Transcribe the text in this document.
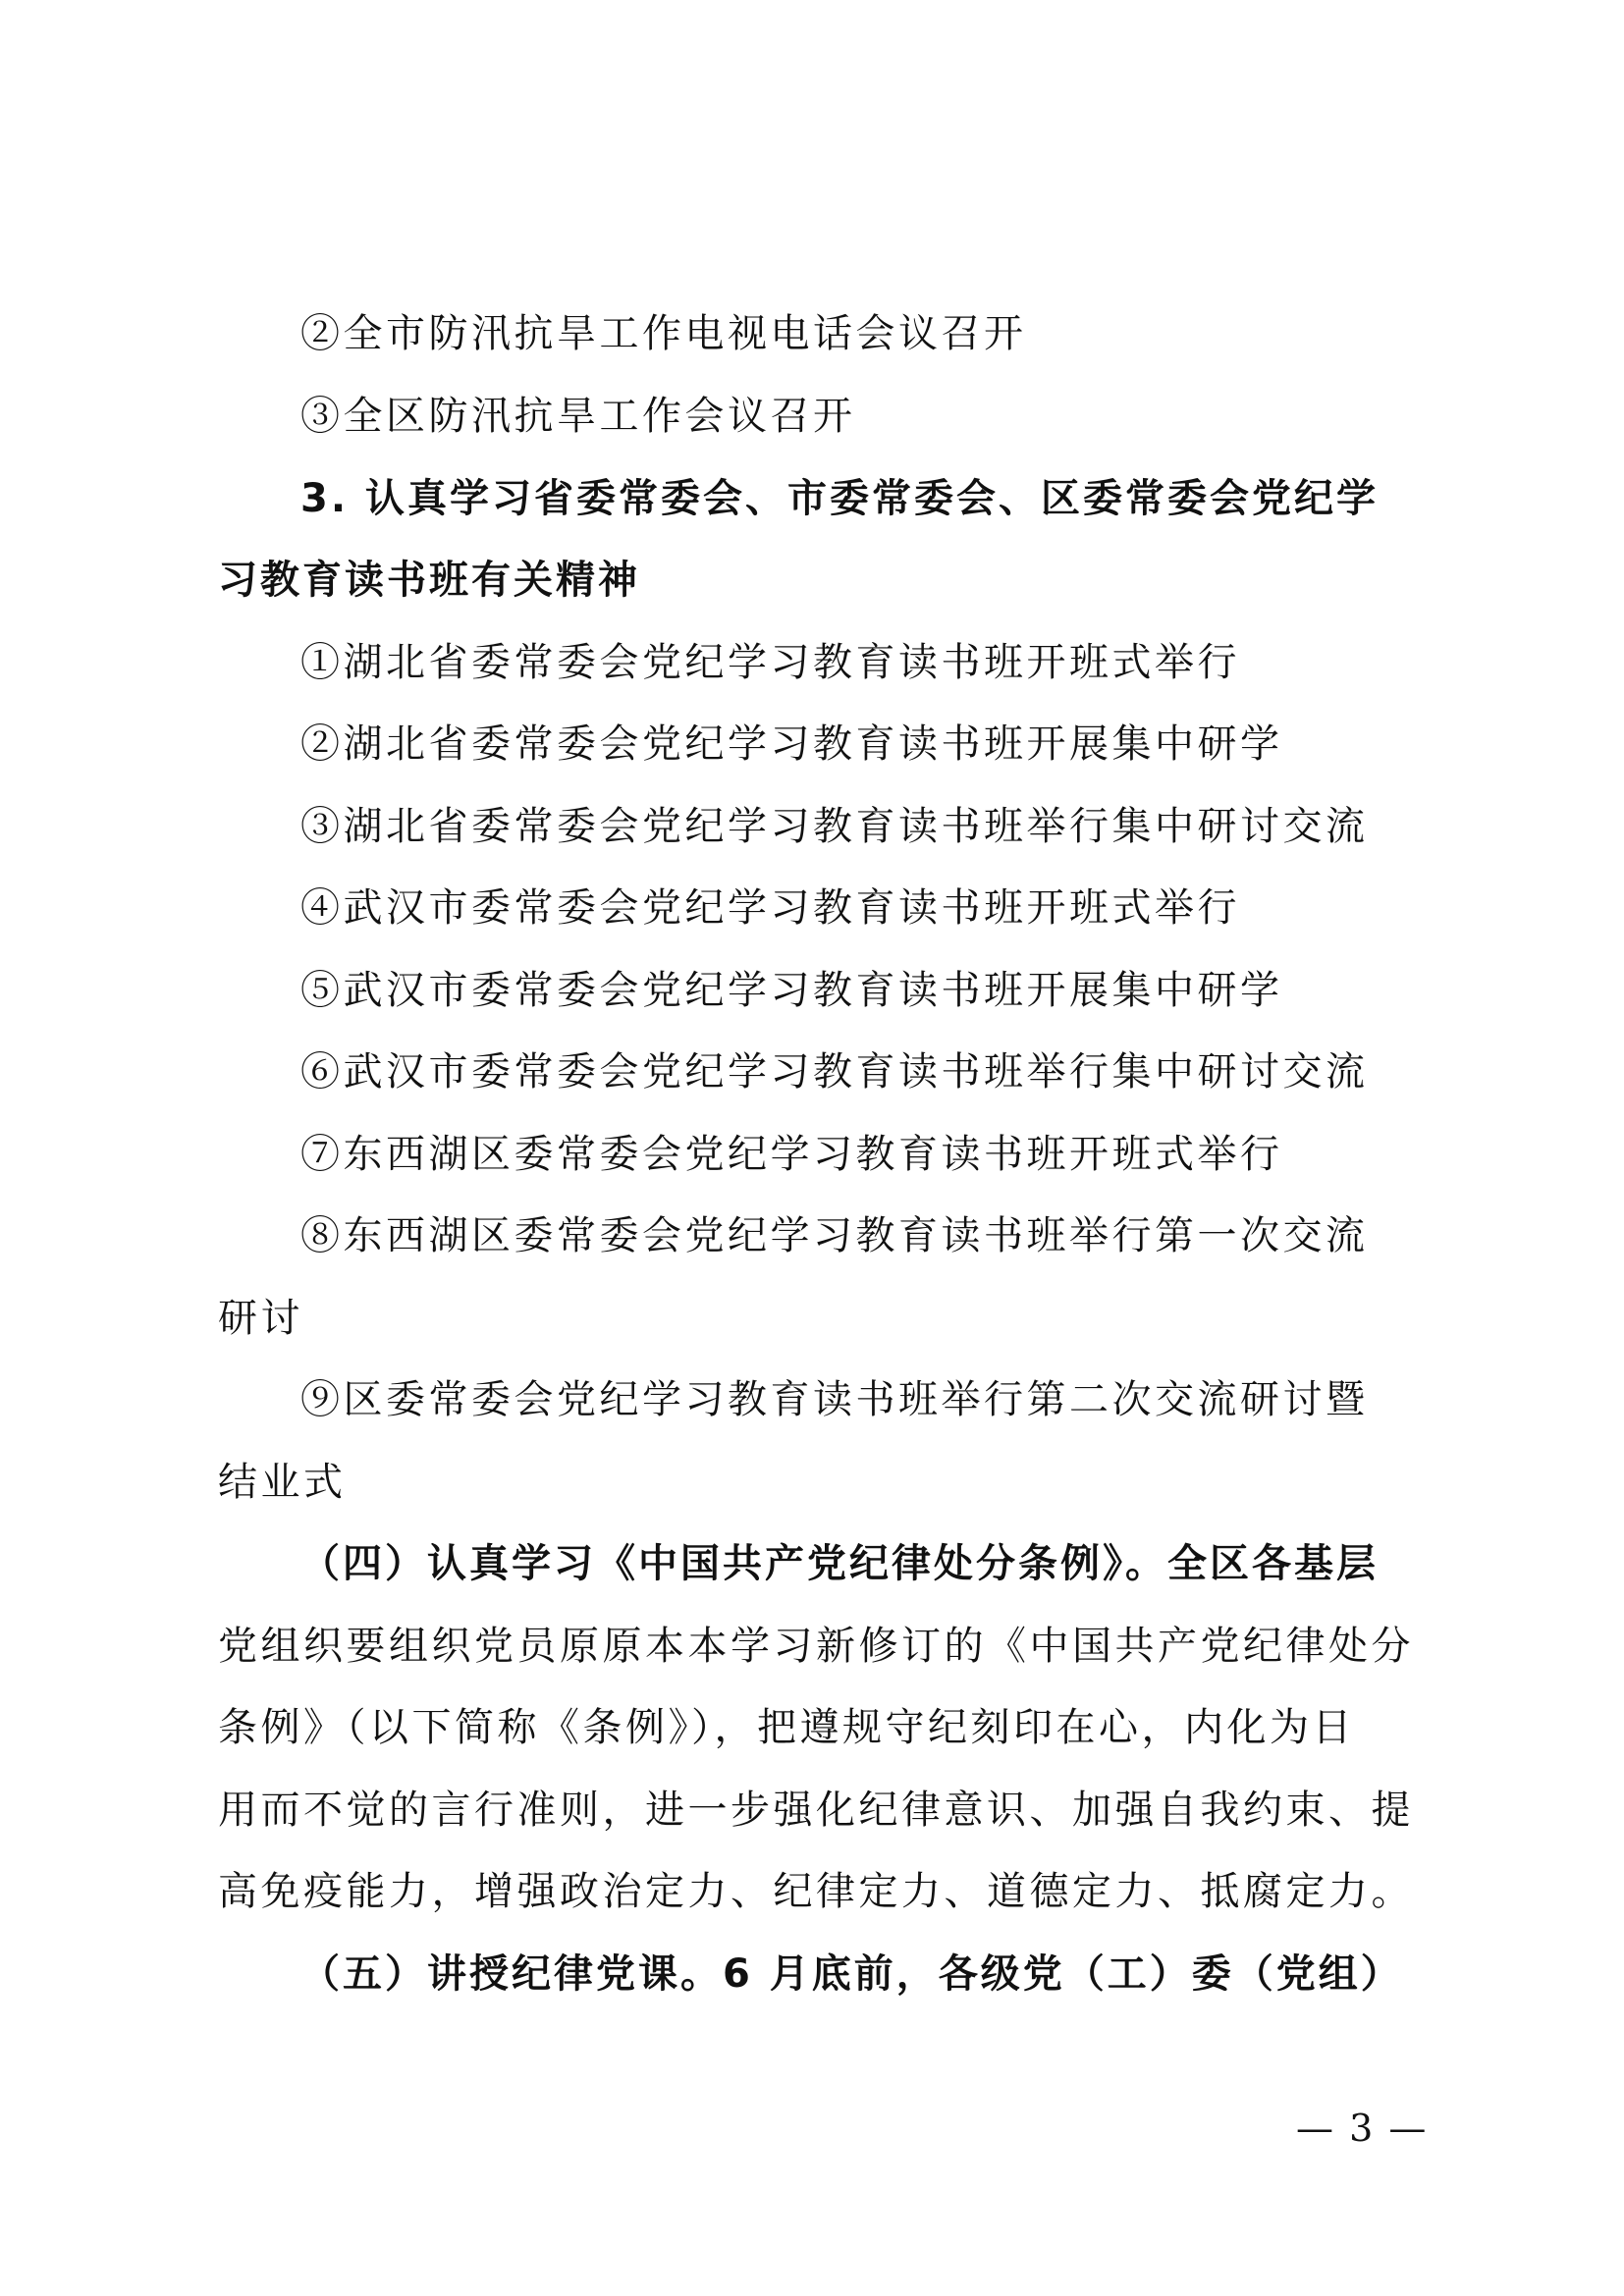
②全市防汛抗旱工作电视电话会议召开
③全区防汛抗旱工作会议召开
3. 认真学习省委常委会、市委常委会、区委常委会党纪学
习教育读书班有关精神
①湖北省委常委会党纪学习教育读书班开班式举行
②湖北省委常委会党纪学习教育读书班开展集中研学
③湖北省委常委会党纪学习教育读书班举行集中研讨交流
④武汉市委常委会党纪学习教育读书班开班式举行
⑤武汉市委常委会党纪学习教育读书班开展集中研学
⑥武汉市委常委会党纪学习教育读书班举行集中研讨交流
⑦东西湖区委常委会党纪学习教育读书班开班式举行
⑧东西湖区委常委会党纪学习教育读书班举行第一次交流
研讨
⑨区委常委会党纪学习教育读书班举行第二次交流研讨暨
结业式
（四）认真学习《中国共产党纪律处分条例》。全区各基层
党组织要组织党员原原本本学习新修订的《中国共产党纪律处分
条例》（以下简称《条例》），把遵规守纪刻印在心，内化为日
用而不觉的言行准则，进一步强化纪律意识、加强自我约束、提
高免疫能力，增强政治定力、纪律定力、道德定力、抵腐定力。
（五）讲授纪律党课。6 月底前，各级党（工）委（党组）
— 3 —
